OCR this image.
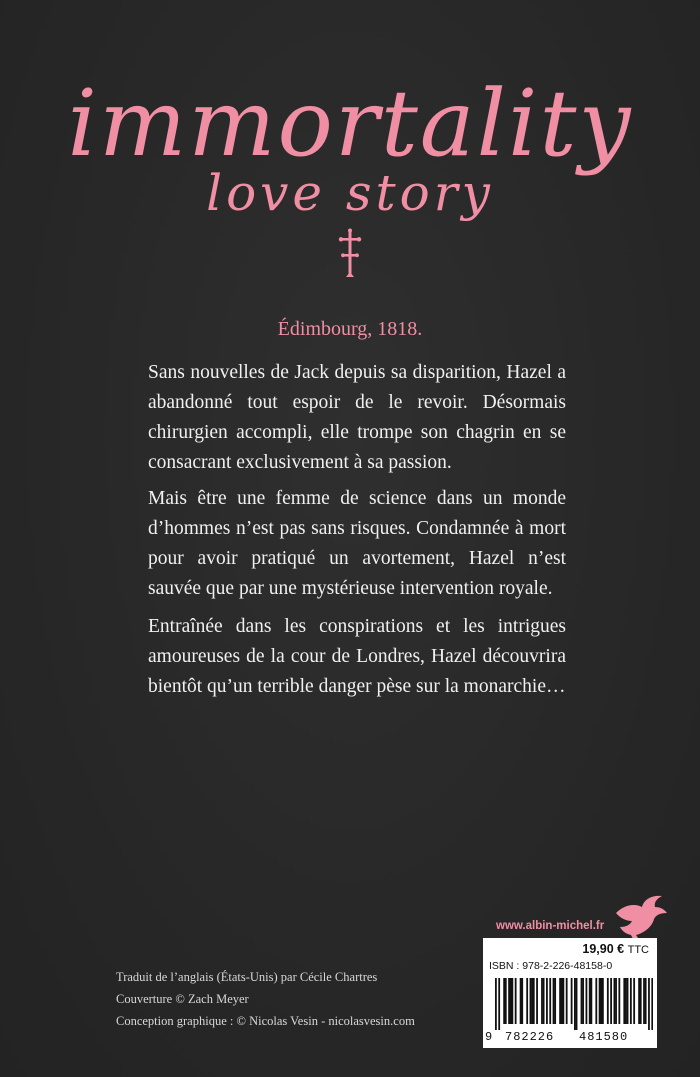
immortality
love story
Édimbourg, 1818.

Sans nouvelles de Jack depuis sa disparition, Hazel a abandonné tout espoir de le revoir. Désormais chirurgien accompli, elle trompe son chagrin en se consacrant exclusivement à sa passion.

Mais être une femme de science dans un monde d’hommes n’est pas sans risques. Condamnée à mort pour avoir pratiqué un avortement, Hazel n’est sauvée que par une mystérieuse intervention royale.

Entraînée dans les conspirations et les intrigues amoureuses de la cour de Londres, Hazel découvrira bientôt qu’un terrible danger pèse sur la monarchie…

Traduit de l’anglais (États-Unis) par Cécile Chartres
Couverture © Zach Meyer
Conception graphique : © Nicolas Vesin - nicolasvesin.com
www.albin-michel.fr
19,90 € TTC
ISBN : 978-2-226-48158-0
9 782226 481580
